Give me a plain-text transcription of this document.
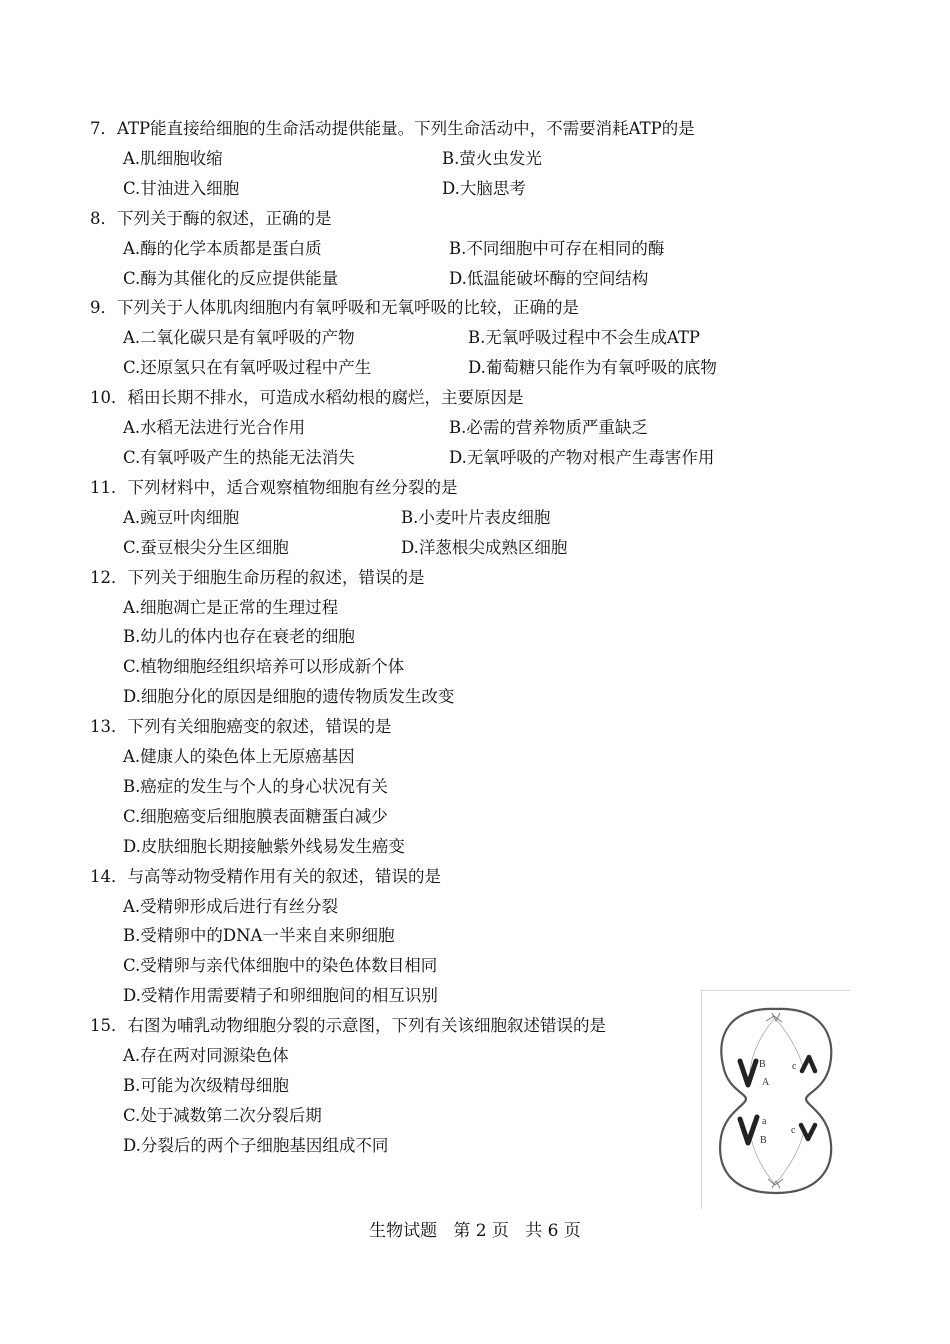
7．ATP能直接给细胞的生命活动提供能量。下列生命活动中，不需要消耗ATP的是
A.肌细胞收缩	B.萤火虫发光
C.甘油进入细胞	D.大脑思考
8．下列关于酶的叙述，正确的是
A.酶的化学本质都是蛋白质	B.不同细胞中可存在相同的酶
C.酶为其催化的反应提供能量	D.低温能破坏酶的空间结构
9．下列关于人体肌肉细胞内有氧呼吸和无氧呼吸的比较，正确的是
A.二氧化碳只是有氧呼吸的产物	B.无氧呼吸过程中不会生成ATP
C.还原氢只在有氧呼吸过程中产生	D.葡萄糖只能作为有氧呼吸的底物
10．稻田长期不排水，可造成水稻幼根的腐烂，主要原因是
A.水稻无法进行光合作用	B.必需的营养物质严重缺乏
C.有氧呼吸产生的热能无法消失	D.无氧呼吸的产物对根产生毒害作用
11．下列材料中，适合观察植物细胞有丝分裂的是
A.豌豆叶肉细胞	B.小麦叶片表皮细胞
C.蚕豆根尖分生区细胞	D.洋葱根尖成熟区细胞
12．下列关于细胞生命历程的叙述，错误的是
A.细胞凋亡是正常的生理过程
B.幼儿的体内也存在衰老的细胞
C.植物细胞经组织培养可以形成新个体
D.细胞分化的原因是细胞的遗传物质发生改变
13．下列有关细胞癌变的叙述，错误的是
A.健康人的染色体上无原癌基因
B.癌症的发生与个人的身心状况有关
C.细胞癌变后细胞膜表面糖蛋白减少
D.皮肤细胞长期接触紫外线易发生癌变
14．与高等动物受精作用有关的叙述，错误的是
A.受精卵形成后进行有丝分裂
B.受精卵中的DNA一半来自来卵细胞
C.受精卵与亲代体细胞中的染色体数目相同
D.受精作用需要精子和卵细胞间的相互识别
15．右图为哺乳动物细胞分裂的示意图，下列有关该细胞叙述错误的是
A.存在两对同源染色体
B.可能为次级精母细胞
C.处于减数第二次分裂后期
D.分裂后的两个子细胞基因组成不同
B
A
c
a
B
c
生物试题   第 2 页   共 6 页
